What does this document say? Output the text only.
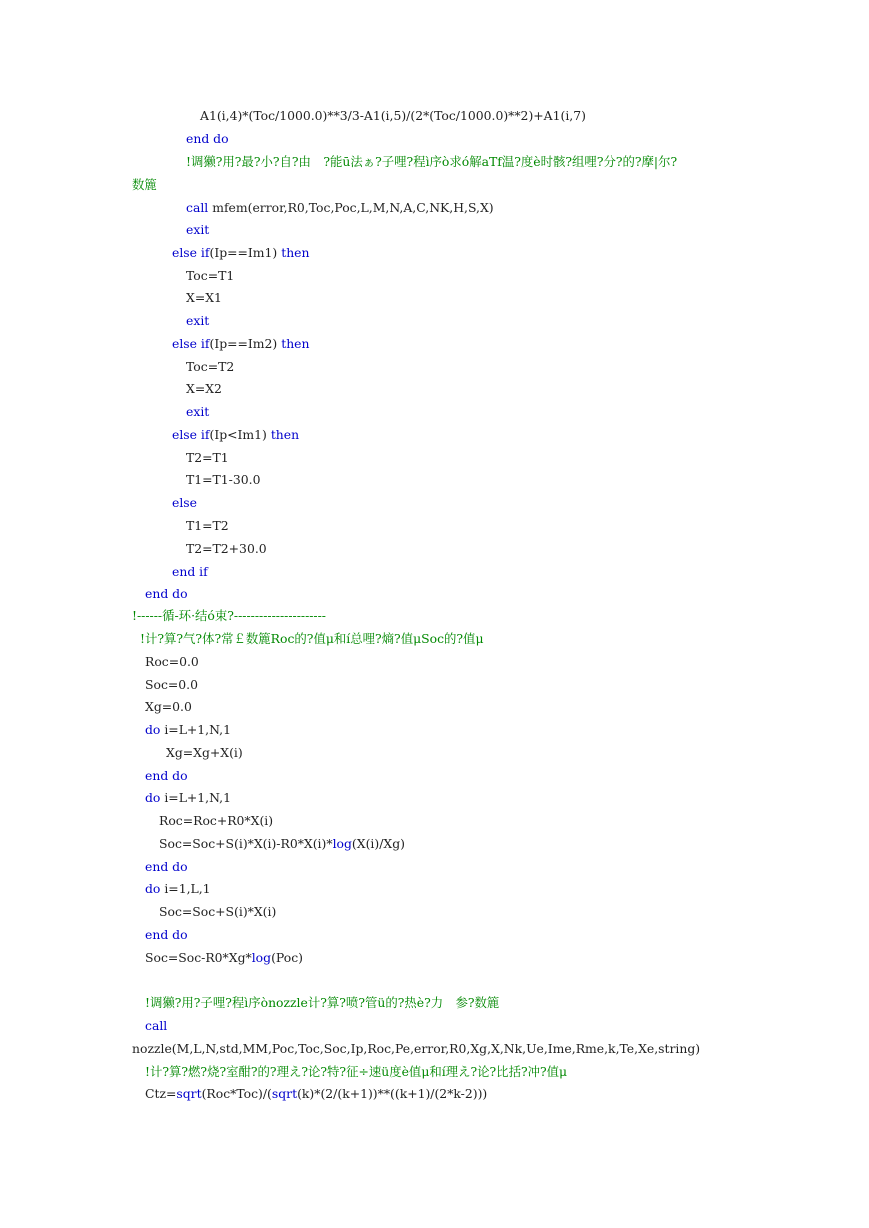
A1(i,4)*(Toc/1000.0)**3/3-A1(i,5)/(2*(Toc/1000.0)**2)+A1(i,7)
end do
!调獭?用?最?小?自?由　?能ū法ぁ?子哩?程ì序ò求ó解aΤf温?度è时骸?组哩?分?的?摩|尔?
数簏
call mfem(error,R0,Toc,Poc,L,M,N,A,C,NK,H,S,X)
exit
else if(Ip==Im1) then
Toc=T1
X=X1
exit
else if(Ip==Im2) then
Toc=T2
X=X2
exit
else if(Ip<Im1) then
T2=T1
T1=T1-30.0
else
T1=T2
T2=T2+30.0
end if
end do
!------循-环·结ó束?----------------------
!计?算?气?体?常￡数簏Roc的?值μ和í总哩?熵?值μSoc的?值μ
Roc=0.0
Soc=0.0
Xg=0.0
do i=L+1,N,1
Xg=Xg+X(i)
end do
do i=L+1,N,1
Roc=Roc+R0*X(i)
Soc=Soc+S(i)*X(i)-R0*X(i)*log(X(i)/Xg)
end do
do i=1,L,1
Soc=Soc+S(i)*X(i)
end do
Soc=Soc-R0*Xg*log(Poc)
!调獭?用?子哩?程ì序ònozzle计?算?喷?管ü的?热è?力　参?数簏
call
nozzle(M,L,N,std,MM,Poc,Toc,Soc,Ip,Roc,Pe,error,R0,Xg,X,Nk,Ue,Ime,Rme,k,Te,Xe,string)
!计?算?燃?烧?室酣?的?理え?论?特?征÷速ü度è值μ和í理え?论?比括?冲?值μ
Ctz=sqrt(Roc*Toc)/(sqrt(k)*(2/(k+1))**((k+1)/(2*k-2)))
